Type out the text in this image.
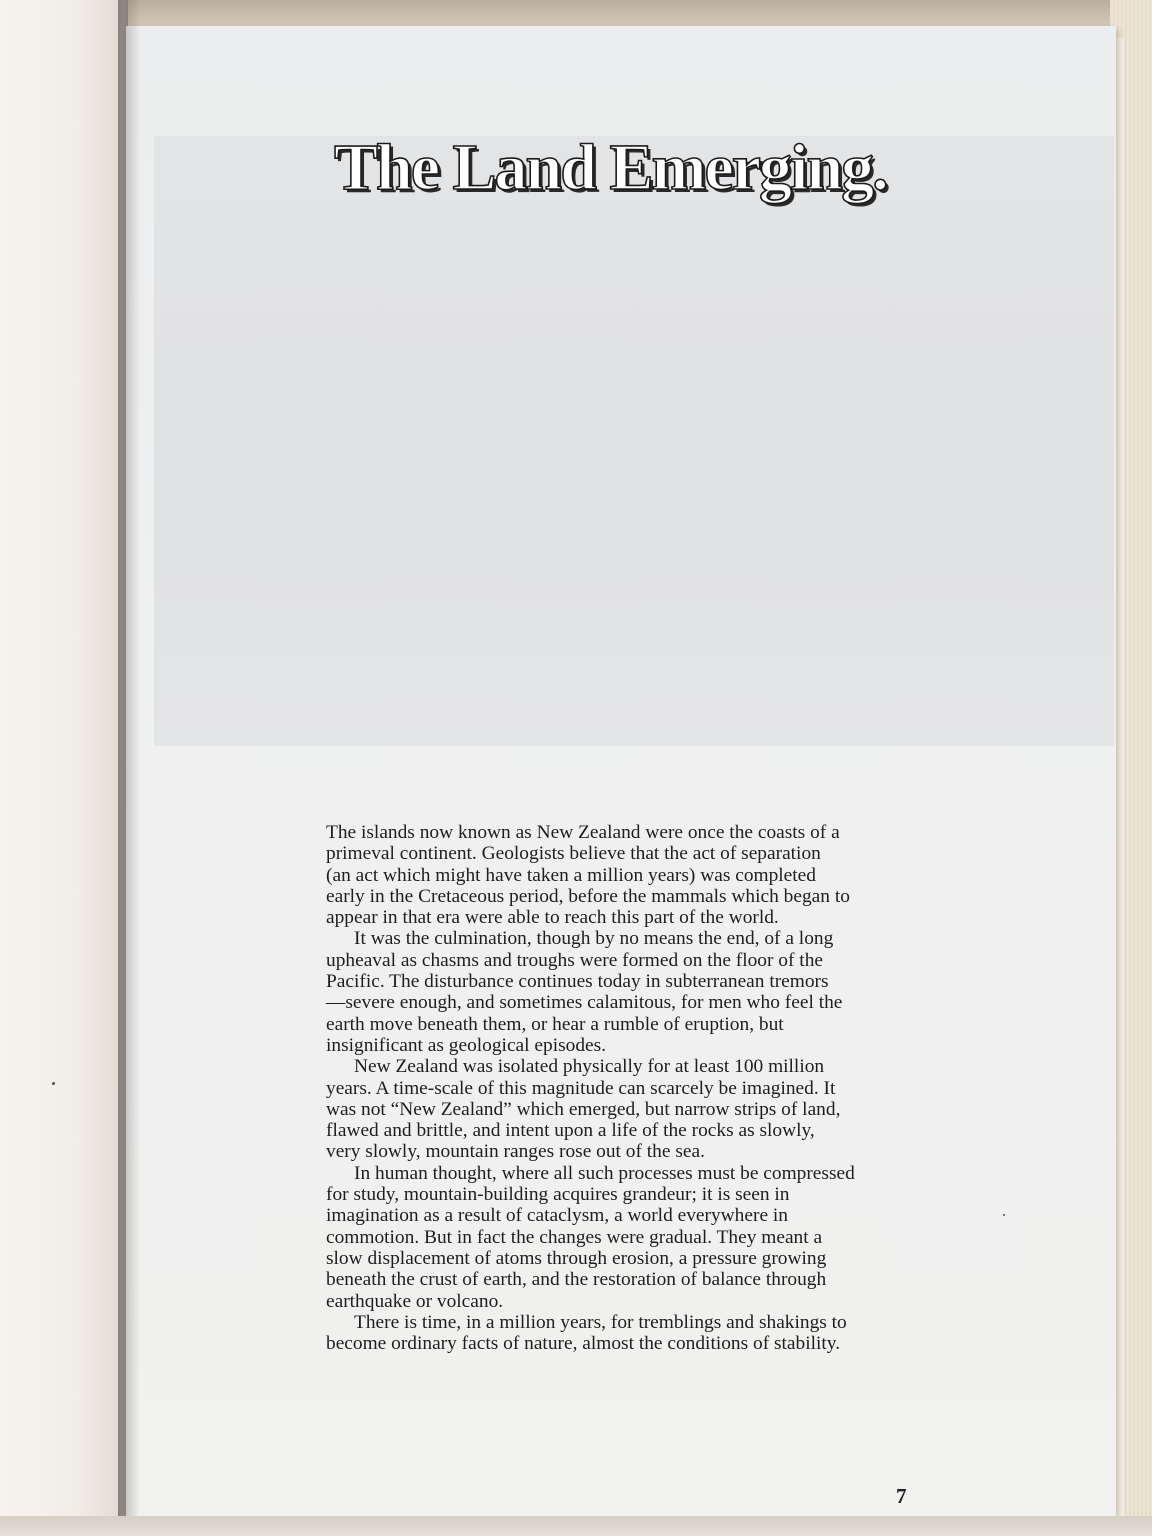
The Land Emerging.
The islands now known as New Zealand were once the coasts of a
primeval continent. Geologists believe that the act of separation
(an act which might have taken a million years) was completed
early in the Cretaceous period, before the mammals which began to
appear in that era were able to reach this part of the world.
It was the culmination, though by no means the end, of a long
upheaval as chasms and troughs were formed on the floor of the
Pacific. The disturbance continues today in subterranean tremors
—severe enough, and sometimes calamitous, for men who feel the
earth move beneath them, or hear a rumble of eruption, but
insignificant as geological episodes.
New Zealand was isolated physically for at least 100 million
years. A time-scale of this magnitude can scarcely be imagined. It
was not “New Zealand” which emerged, but narrow strips of land,
flawed and brittle, and intent upon a life of the rocks as slowly,
very slowly, mountain ranges rose out of the sea.
In human thought, where all such processes must be compressed
for study, mountain-building acquires grandeur; it is seen in
imagination as a result of cataclysm, a world everywhere in
commotion. But in fact the changes were gradual. They meant a
slow displacement of atoms through erosion, a pressure growing
beneath the crust of earth, and the restoration of balance through
earthquake or volcano.
There is time, in a million years, for tremblings and shakings to
become ordinary facts of nature, almost the conditions of stability.
7
